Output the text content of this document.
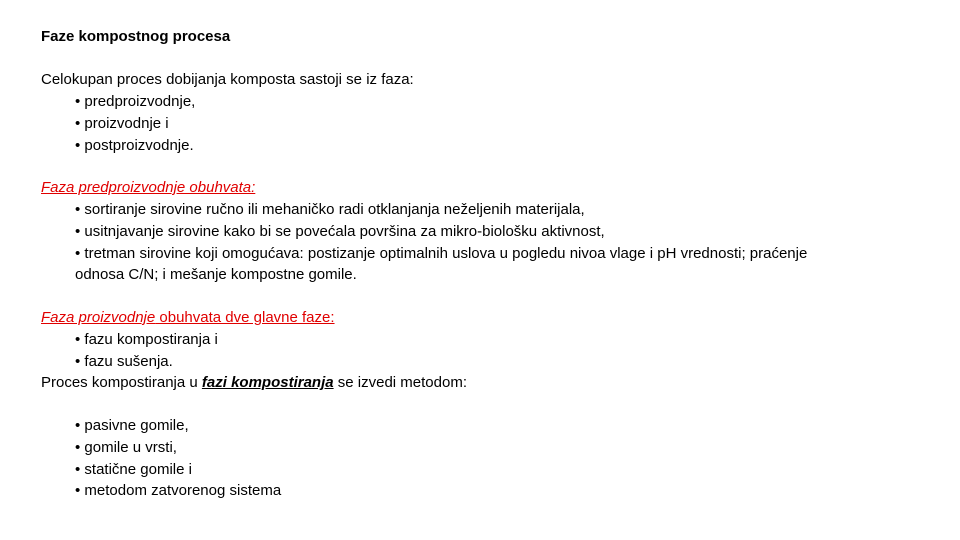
Faze kompostnog procesa
Celokupan proces dobijanja komposta sastoji se iz faza:
• predproizvodnje,
• proizvodnje i
• postproizvodnje.
Faza predproizvodnje obuhvata:
• sortiranje sirovine ručno ili mehaničko radi otklanjanja neželjenih materijala,
• usitnjavanje sirovine kako bi se povećala površina za mikro-biološku aktivnost,
• tretman sirovine koji omogućava: postizanje optimalnih uslova u pogledu nivoa vlage i pH vrednosti; praćenje
odnosa C/N; i mešanje kompostne gomile.
Faza proizvodnje obuhvata dve glavne faze:
• fazu kompostiranja i
• fazu sušenja.
Proces kompostiranja u fazi kompostiranja se izvedi metodom:
• pasivne gomile,
• gomile u vrsti,
• statične gomile i
• metodom zatvorenog sistema
